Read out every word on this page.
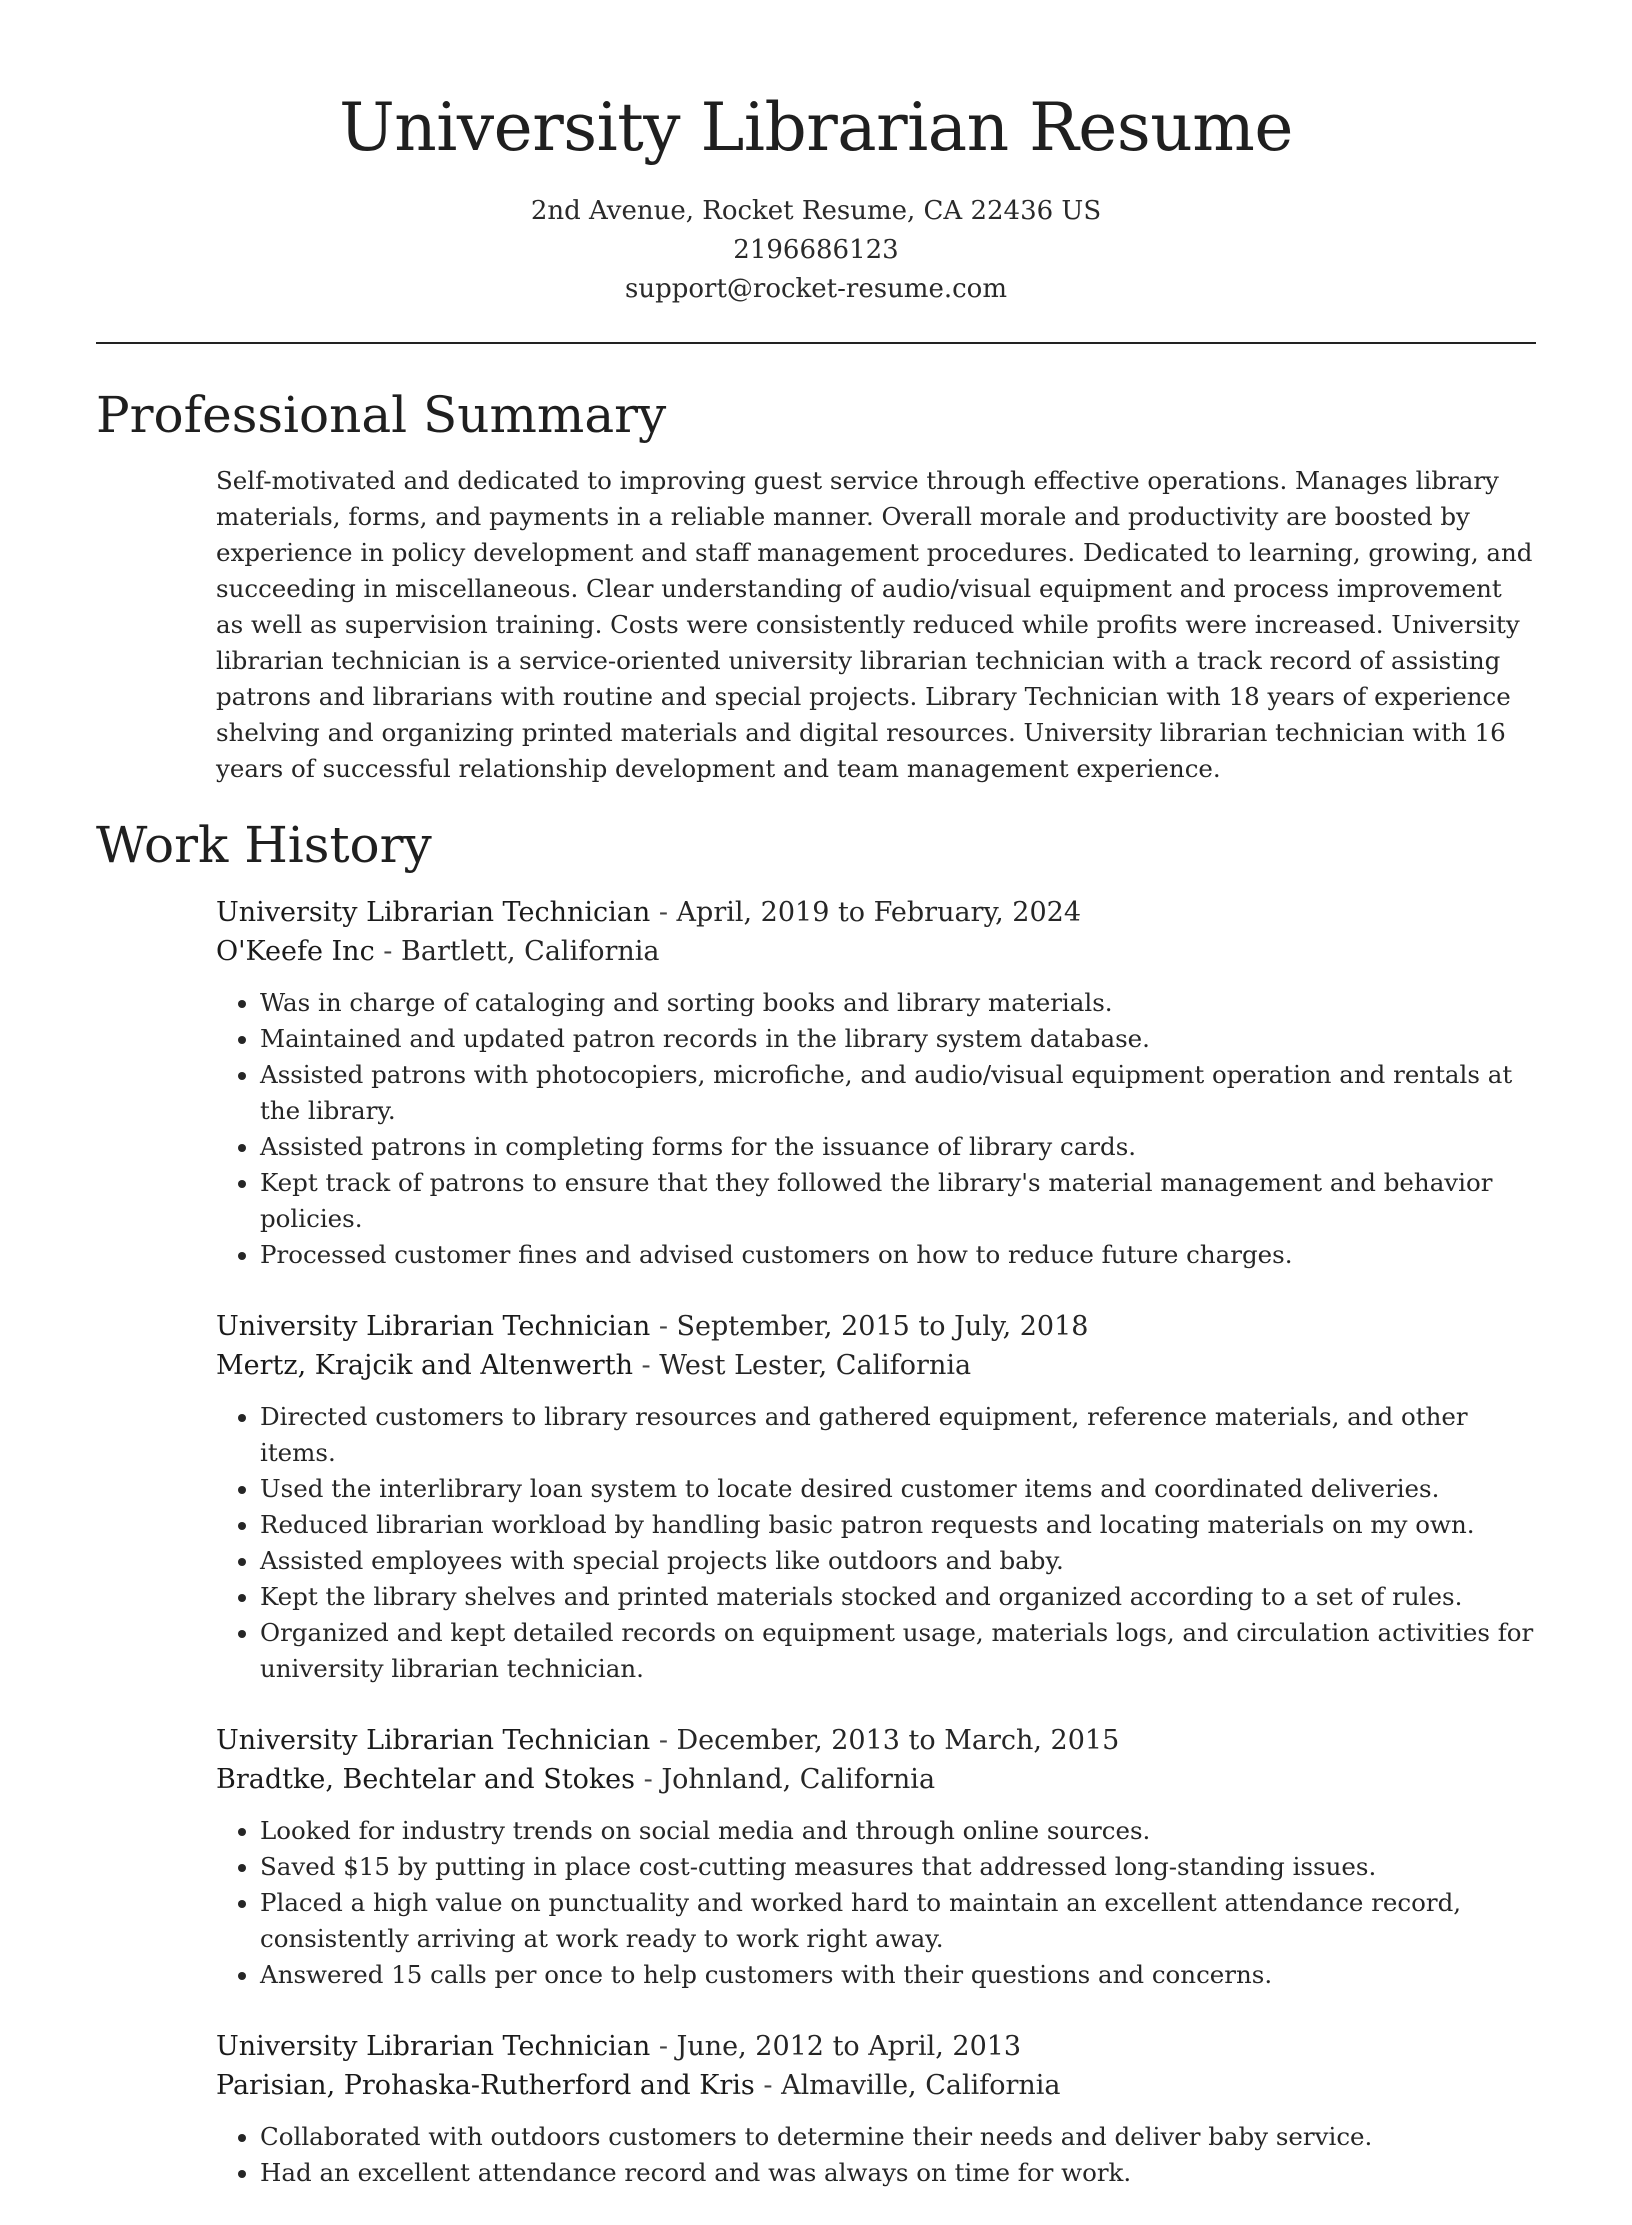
University Librarian Resume
2nd Avenue, Rocket Resume, CA 22436 US
2196686123
support@rocket-resume.com
Professional Summary
Self-motivated and dedicated to improving guest service through effective operations. Manages library materials, forms, and payments in a reliable manner. Overall morale and productivity are boosted by experience in policy development and staff management procedures. Dedicated to learning, growing, and succeeding in miscellaneous. Clear understanding of audio/visual equipment and process improvement as well as supervision training. Costs were consistently reduced while profits were increased. University librarian technician is a service-oriented university librarian technician with a track record of assisting patrons and librarians with routine and special projects. Library Technician with 18 years of experience shelving and organizing printed materials and digital resources. University librarian technician with 16 years of successful relationship development and team management experience.
Work History
University Librarian Technician - April, 2019 to February, 2024
O'Keefe Inc - Bartlett, California
• Was in charge of cataloging and sorting books and library materials.
• Maintained and updated patron records in the library system database.
• Assisted patrons with photocopiers, microfiche, and audio/visual equipment operation and rentals at the library.
• Assisted patrons in completing forms for the issuance of library cards.
• Kept track of patrons to ensure that they followed the library's material management and behavior policies.
• Processed customer fines and advised customers on how to reduce future charges.
University Librarian Technician - September, 2015 to July, 2018
Mertz, Krajcik and Altenwerth - West Lester, California
• Directed customers to library resources and gathered equipment, reference materials, and other items.
• Used the interlibrary loan system to locate desired customer items and coordinated deliveries.
• Reduced librarian workload by handling basic patron requests and locating materials on my own.
• Assisted employees with special projects like outdoors and baby.
• Kept the library shelves and printed materials stocked and organized according to a set of rules.
• Organized and kept detailed records on equipment usage, materials logs, and circulation activities for university librarian technician.
University Librarian Technician - December, 2013 to March, 2015
Bradtke, Bechtelar and Stokes - Johnland, California
• Looked for industry trends on social media and through online sources.
• Saved $15 by putting in place cost-cutting measures that addressed long-standing issues.
• Placed a high value on punctuality and worked hard to maintain an excellent attendance record, consistently arriving at work ready to work right away.
• Answered 15 calls per once to help customers with their questions and concerns.
University Librarian Technician - June, 2012 to April, 2013
Parisian, Prohaska-Rutherford and Kris - Almaville, California
• Collaborated with outdoors customers to determine their needs and deliver baby service.
• Had an excellent attendance record and was always on time for work.
